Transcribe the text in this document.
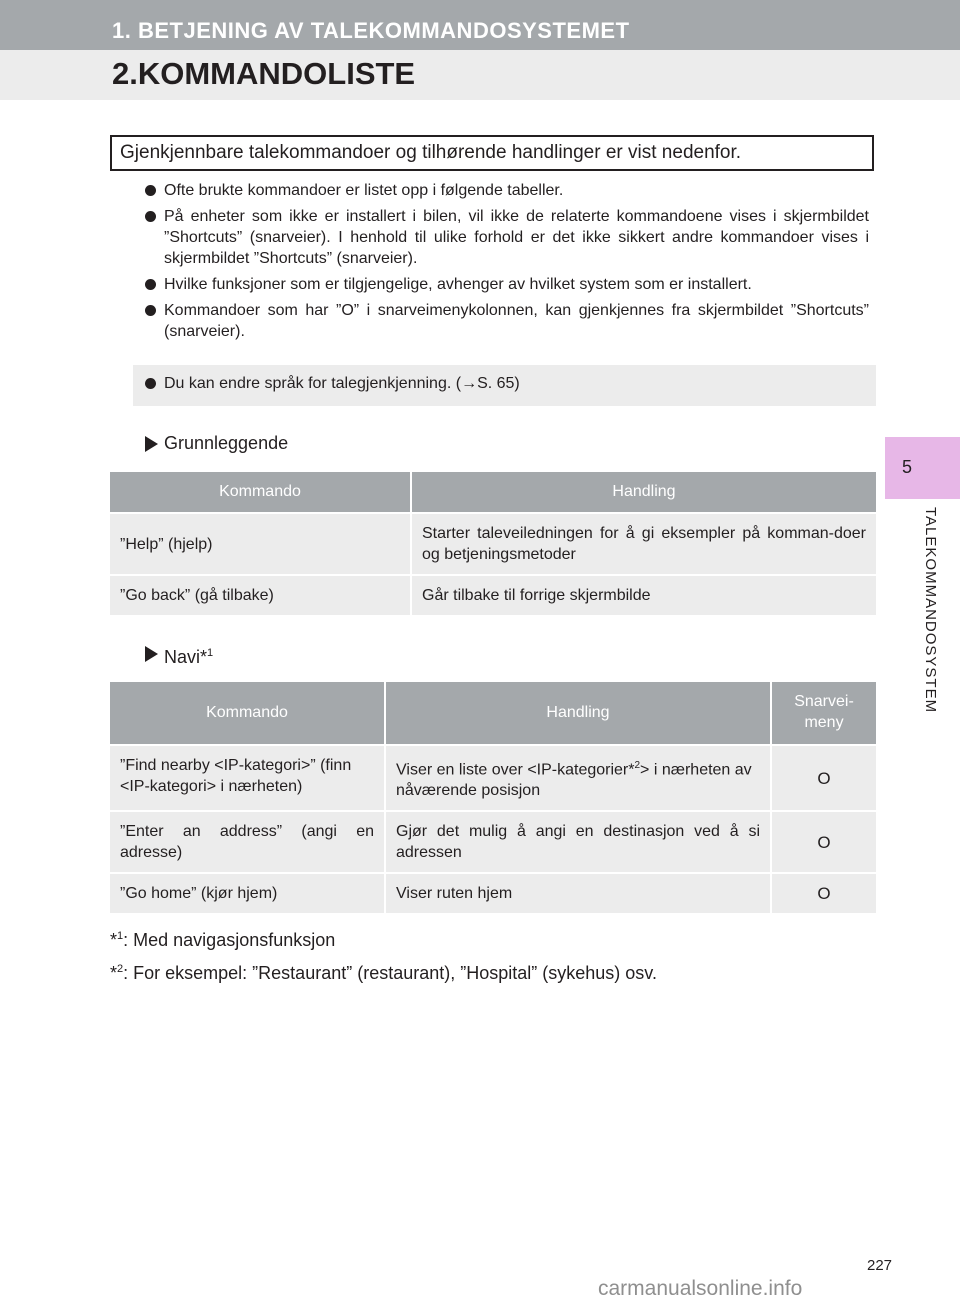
1. BETJENING AV TALEKOMMANDOSYSTEMET
2.KOMMANDOLISTE
5
TALEKOMMANDOSYSTEM
Gjenkjennbare talekommandoer og tilhørende handlinger er vist nedenfor.
Ofte brukte kommandoer er listet opp i følgende tabeller.
På enheter som ikke er installert i bilen, vil ikke de relaterte kommandoene vises i skjermbildet ”Shortcuts” (snarveier). I henhold til ulike forhold er det ikke sikkert andre kommandoer vises i skjermbildet ”Shortcuts” (snarveier).
Hvilke funksjoner som er tilgjengelige, avhenger av hvilket system som er installert.
Kommandoer som har ”O” i snarveimenykolonnen, kan gjenkjennes fra skjermbildet ”Shortcuts” (snarveier).
Du kan endre språk for talegjenkjenning. (→S. 65)
Grunnleggende
Kommando	Handling
”Help” (hjelp)	Starter taleveiledningen for å gi eksempler på komman-doer og betjeningsmetoder
”Go back” (gå tilbake)	Går tilbake til forrige skjermbilde
Navi*$^1$
Kommando	Handling	Snarvei-meny
”Find nearby <IP-kategori>” (finn <IP-kategori> i nærheten)	Viser en liste over <IP-kategorier*$^2$> i nærheten av nåværende posisjon	O
”Enter an address” (angi en adresse)	Gjør det mulig å angi en destinasjon ved å si adressen	O
”Go home” (kjør hjem)	Viser ruten hjem	O
*$^1$: Med navigasjonsfunksjon
*$^2$: For eksempel: ”Restaurant” (restaurant), ”Hospital” (sykehus) osv.
227
carmanualsonline.info
